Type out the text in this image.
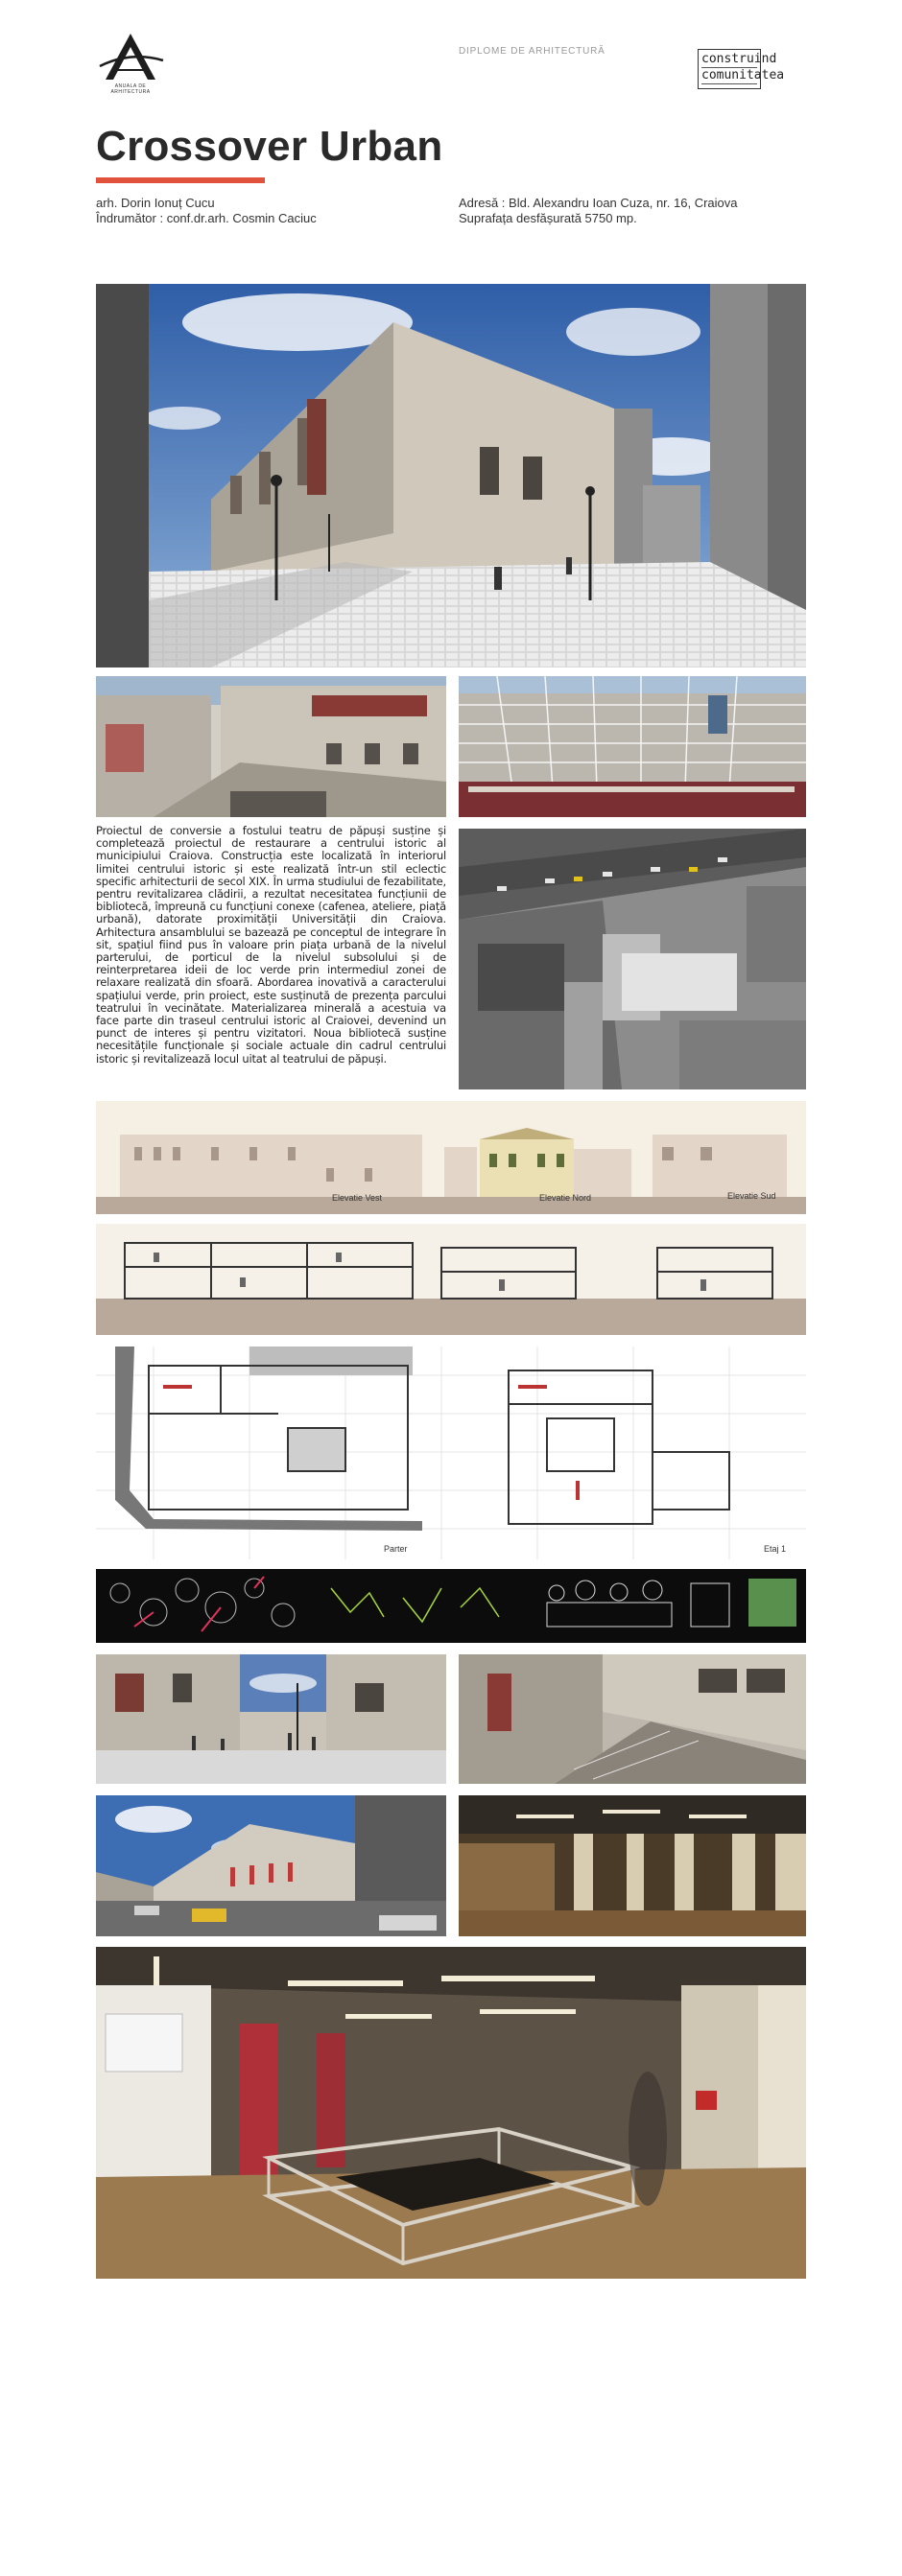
ANUALA DE ARHITECTURA
DIPLOME DE ARHITECTURĂ
construind
comunitatea
Crossover Urban
arh. Dorin Ionuț Cucu
Îndrumător : conf.dr.arh. Cosmin Caciuc
Adresă : Bld. Alexandru Ioan Cuza, nr. 16, Craiova
Suprafața desfășurată 5750 mp.
Proiectul de conversie a fostului teatru de păpuși susține și completează proiectul de restaurare a centrului istoric al municipiului Craiova. Construcția este localizată în interiorul limitei centrului istoric și este realizată într-un stil eclectic specific arhitecturii de secol XIX. În urma studiului de fezabilitate, pentru revitalizarea clădirii, a rezultat necesitatea funcțiunii de bibliotecă, împreună cu funcțiuni conexe (cafenea, ateliere, piață urbană), datorate proximității Universității din Craiova. Arhitectura ansamblului se bazează pe conceptul de integrare în sit, spațiul fiind pus în valoare prin piața urbană de la nivelul parterului, de porticul de la nivelul subsolului și de reinterpretarea ideii de loc verde prin intermediul zonei de relaxare realizată din sfoară. Abordarea inovativă a caracterului spațiului verde, prin proiect, este susținută de prezența parcului teatrului în vecinătate. Materializarea minerală a acestuia va face parte din traseul centrului istoric al Craiovei, devenind un punct de interes și pentru vizitatori. Noua bibliotecă susține necesitățile funcționale și sociale actuale din cadrul centrului istoric și revitalizează locul uitat al teatrului de păpuși.
Elevatie Vest	Elevatie Nord	Elevatie Sud
Parter	Etaj 1
